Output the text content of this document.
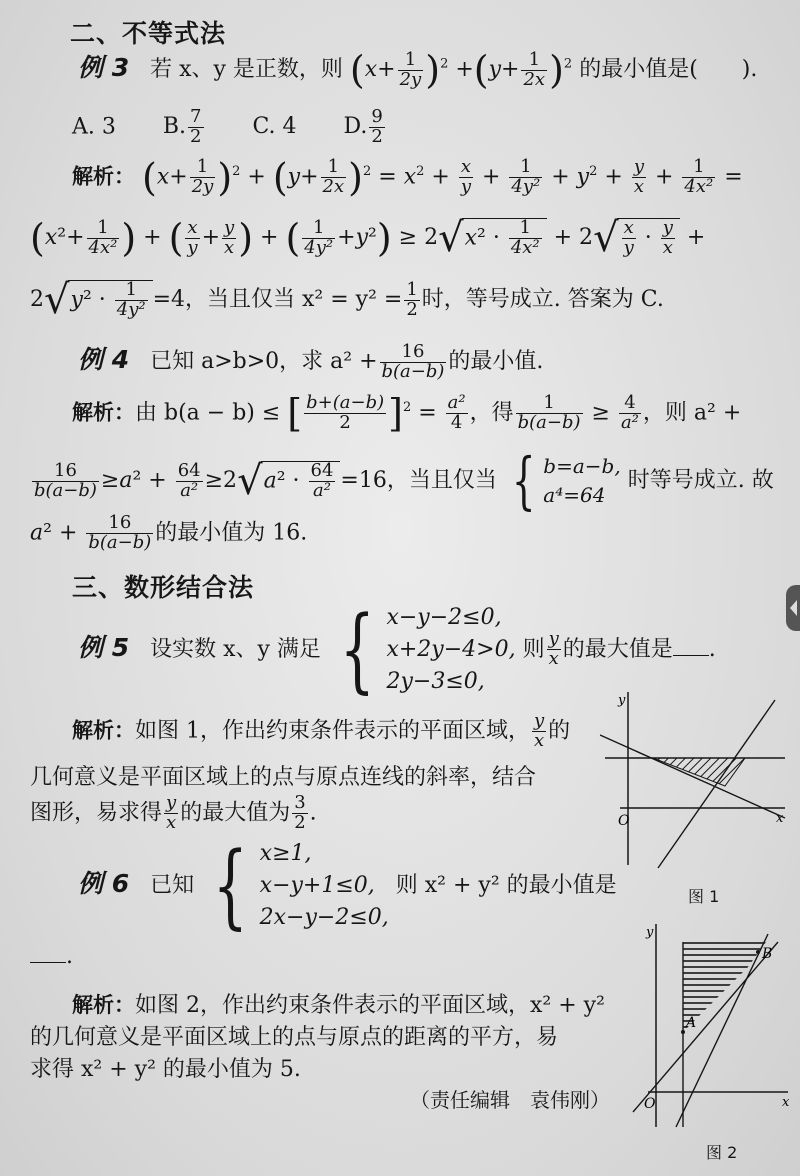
二、不等式法
例 3 若 x、y 是正数，则 $(x+ \frac{1}{2y} )^2 +(y+ \frac{1}{2x} )^2$ 的最小值是(　　).
A. 3 B. $\frac{7}{2} C$. 4 D. $\frac{9}{2}$
解析： $(x+ \frac{1}{2y} )^2 + (y+ \frac{1}{2x} )^2 = x^2 + \frac{x}{y} + \frac{1}{\text{4y²}} + y^2 + \frac{y}{x} + \frac{1}{\text{4x²}}$ =
($x^2+ \frac{1}{\text{4x²}}$ ) + ( $\frac{x}{y} + \frac{y}{x}$ ) + ( $\frac{1}{\text{4y²}} +y^2) \ge 2√x^2 \cdot \frac{1}{\text{4x²}} + 2√ \frac{x}{y} \cdot \frac{y}{x}$ +
$2√y^2 \cdot \frac{1}{\text{4y²}} =4$，当且仅当 $x^2 = y^2 = \frac{1}{2}$ 时，等号成立. 答案为 C.
例 4 已知 a>b>0，求 $a^2 + \frac{16}{b(a-b)}$ 的最小值.
解析：由 b(a − b) ≤ [ $\frac{b+(a-b)}{2} ]^2 = \frac{\text{a²}}{4}$ ，得 $\frac{1}{b(a-b)} \ge \frac{4}{\text{a²}}$ ，则 a² +
$\frac{16}{b(a-b)} \ge a^2 + \frac{64}{\text{a²}} \ge 2√a^2 \cdot \frac{64}{\text{a²}} =16$，当且仅当 { b=a−b,
a⁴=64
时等号成立. 故
$a^2 + \frac{16}{b(a-b)}$ 的最小值为 16.
三、数形结合法
例 5 设实数 x、y 满足 { x−y−2≤0,
x+2y−4>0,
2y−3≤0,
则 $\frac{y}{x}$ 的最大值是 .
解析：如图 1，作出约束条件表示的平面区域， $\frac{y}{x}$ 的
几何意义是平面区域上的点与原点连线的斜率，结合
图形，易求得 $\frac{y}{x}$ 的最大值为 $\frac{3}{2}$ .	O
y
x
图 1
例 6 已知 { x≥1,
x−y+1≤0,
2x−y−2≤0,
则 x² + y² 的最小值是
.
解析：如图 2，作出约束条件表示的平面区域，x² + y²
的几何意义是平面区域上的点与原点的距离的平方，易
求得 x² + y² 的最小值为 5.
（责任编辑　袁伟刚）
A
B
O
y
x
图 2
